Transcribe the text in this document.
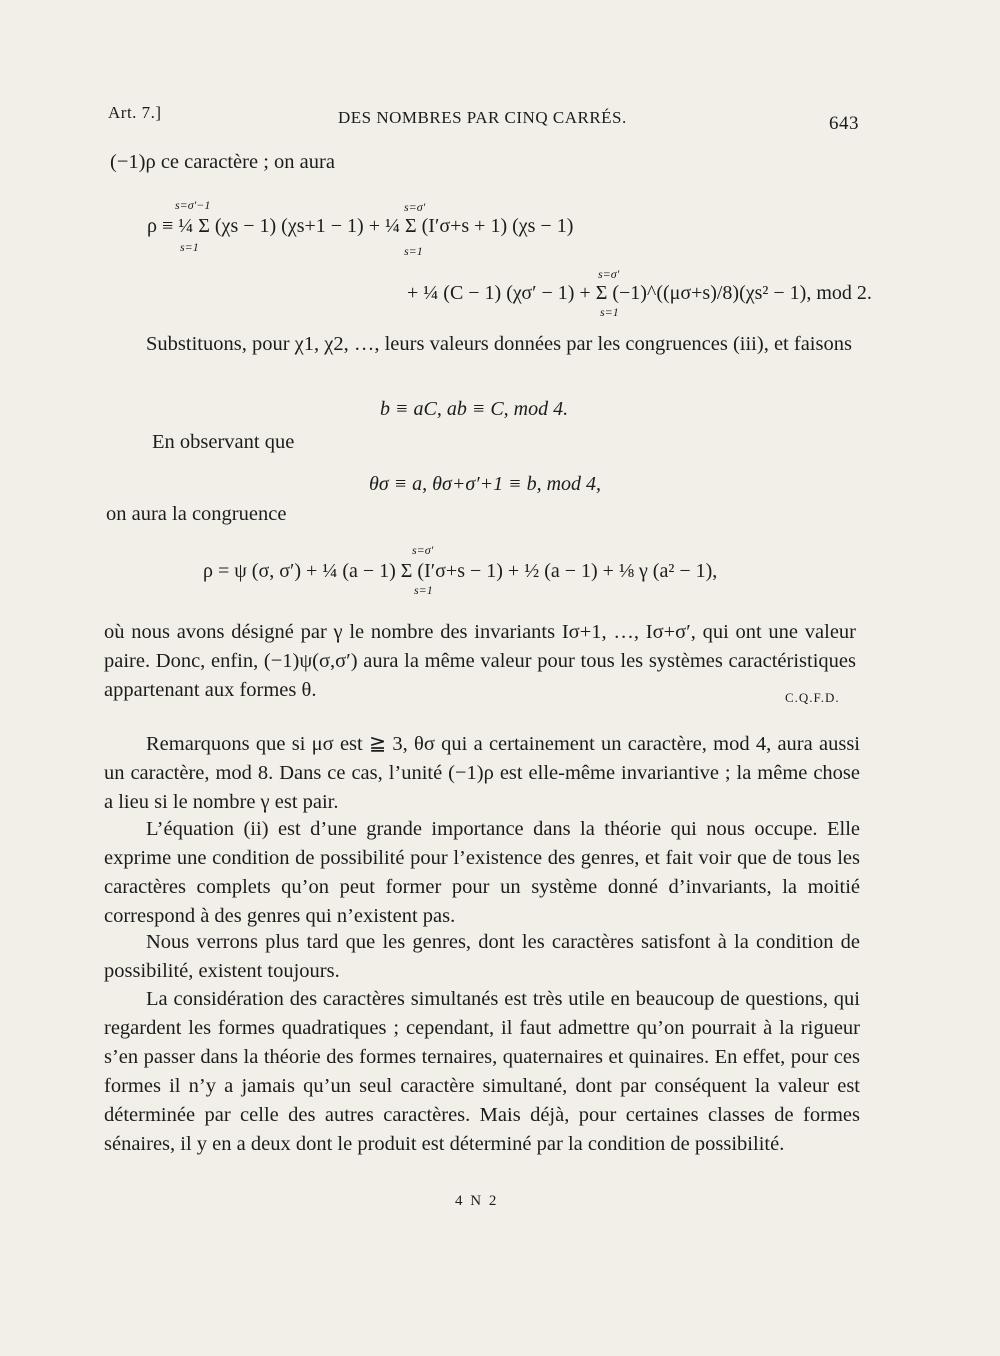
Art. 7.]	DES NOMBRES PAR CINQ CARRÉS.	643
(−1)ρ ce caractère ; on aura
s=σ′−1
ρ ≡ ¼ Σ (χs − 1) (χs+1 − 1) + ¼ Σ (I′σ+s + 1) (χs − 1)
s=1
s=σ′
s=1
s=σ′
+ ¼ (C − 1) (χσ′ − 1) + Σ (−1)^((μσ+s)/8)(χs² − 1), mod 2.
s=1
Substituons, pour χ1, χ2, …, leurs valeurs données par les congruences (iii), et faisons
b ≡ aC, ab ≡ C, mod 4.
En observant que
θσ ≡ a, θσ+σ′+1 ≡ b, mod 4,
on aura la congruence
s=σ′
ρ = ψ (σ, σ′) + ¼ (a − 1) Σ (I′σ+s − 1) + ½ (a − 1) + ⅛ γ (a² − 1),
s=1
où nous avons désigné par γ le nombre des invariants Iσ+1, …, Iσ+σ′, qui ont une valeur paire. Donc, enfin, (−1)ψ(σ,σ′) aura la même valeur pour tous les systèmes caractéristiques appartenant aux formes θ.	C.Q.F.D.
Remarquons que si μσ est ≧ 3, θσ qui a certainement un caractère, mod 4, aura aussi un caractère, mod 8. Dans ce cas, l’unité (−1)ρ est elle-même invariantive ; la même chose a lieu si le nombre γ est pair.
L’équation (ii) est d’une grande importance dans la théorie qui nous occupe. Elle exprime une condition de possibilité pour l’existence des genres, et fait voir que de tous les caractères complets qu’on peut former pour un système donné d’invariants, la moitié correspond à des genres qui n’existent pas.
Nous verrons plus tard que les genres, dont les caractères satisfont à la condition de possibilité, existent toujours.
La considération des caractères simultanés est très utile en beaucoup de questions, qui regardent les formes quadratiques ; cependant, il faut admettre qu’on pourrait à la rigueur s’en passer dans la théorie des formes ternaires, quaternaires et quinaires. En effet, pour ces formes il n’y a jamais qu’un seul caractère simultané, dont par conséquent la valeur est déterminée par celle des autres caractères. Mais déjà, pour certaines classes de formes sénaires, il y en a deux dont le produit est déterminé par la condition de possibilité.
4 N 2
